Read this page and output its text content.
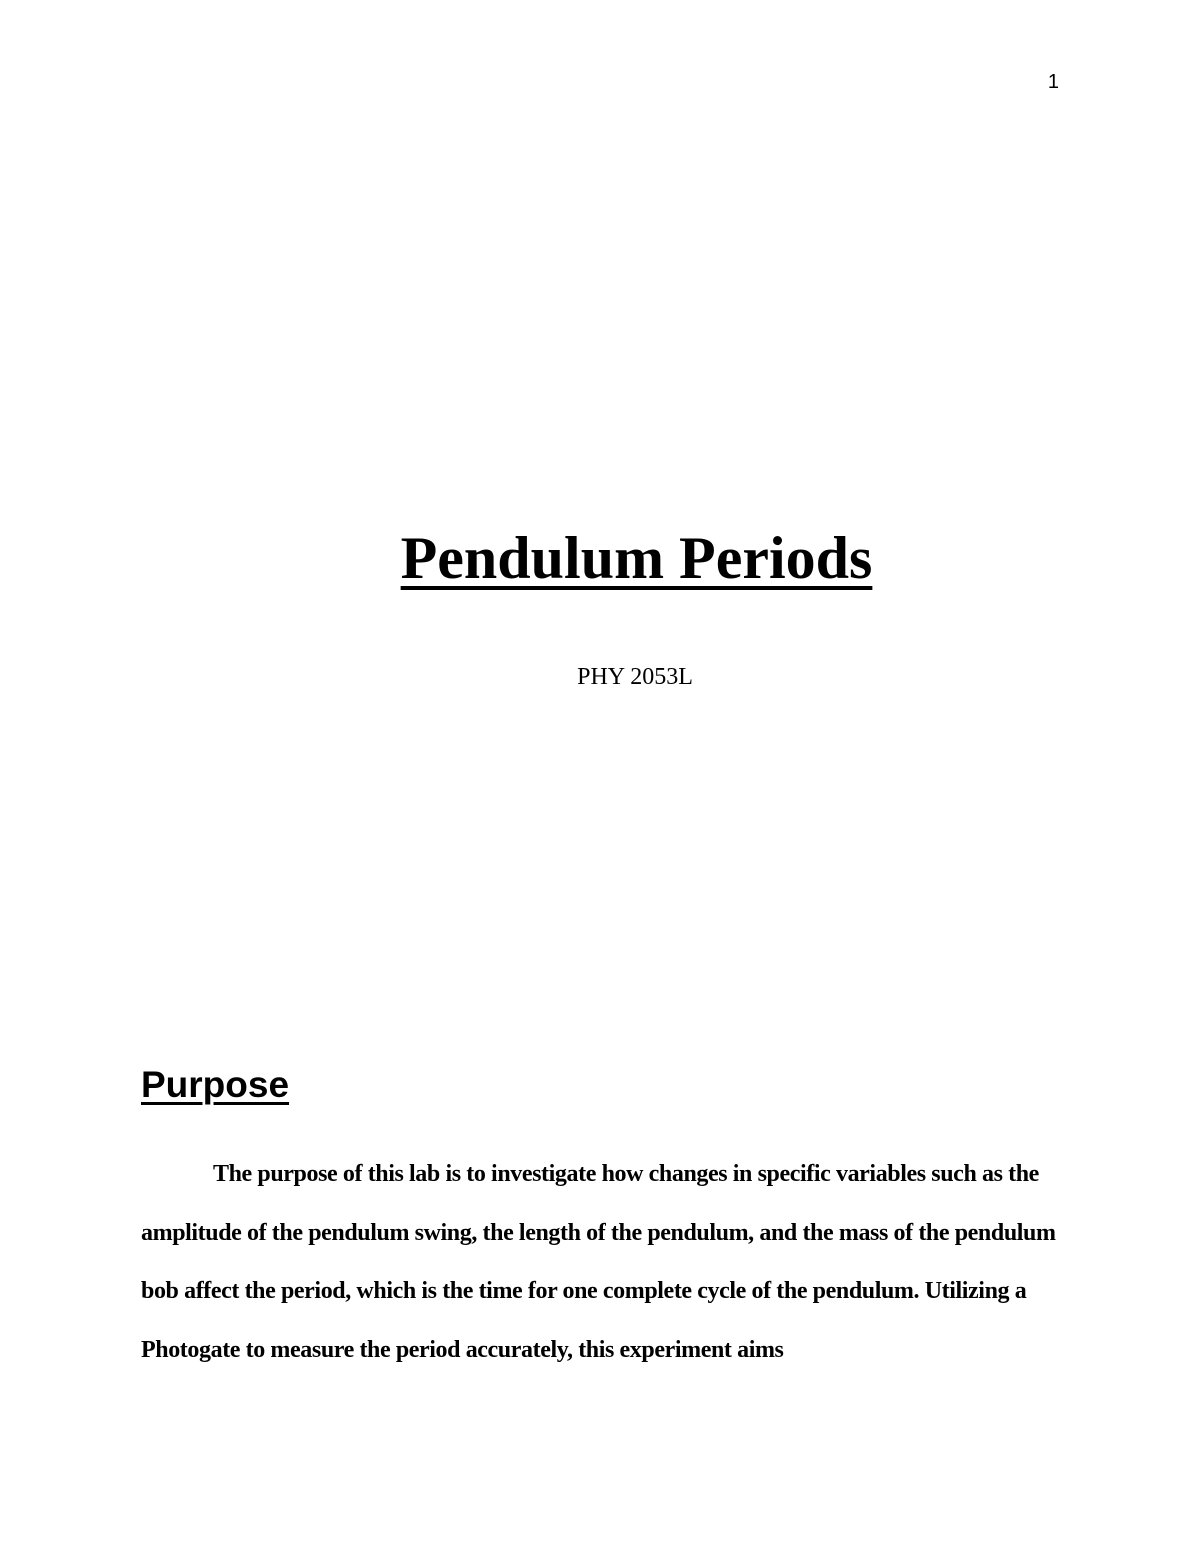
1
Pendulum Periods
PHY 2053L
Purpose

The purpose of this lab is to investigate how changes in specific variables such as the amplitude of the pendulum swing, the length of the pendulum, and the mass of the pendulum bob affect the period, which is the time for one complete cycle of the pendulum. Utilizing a Photogate to measure the period accurately, this experiment aims
